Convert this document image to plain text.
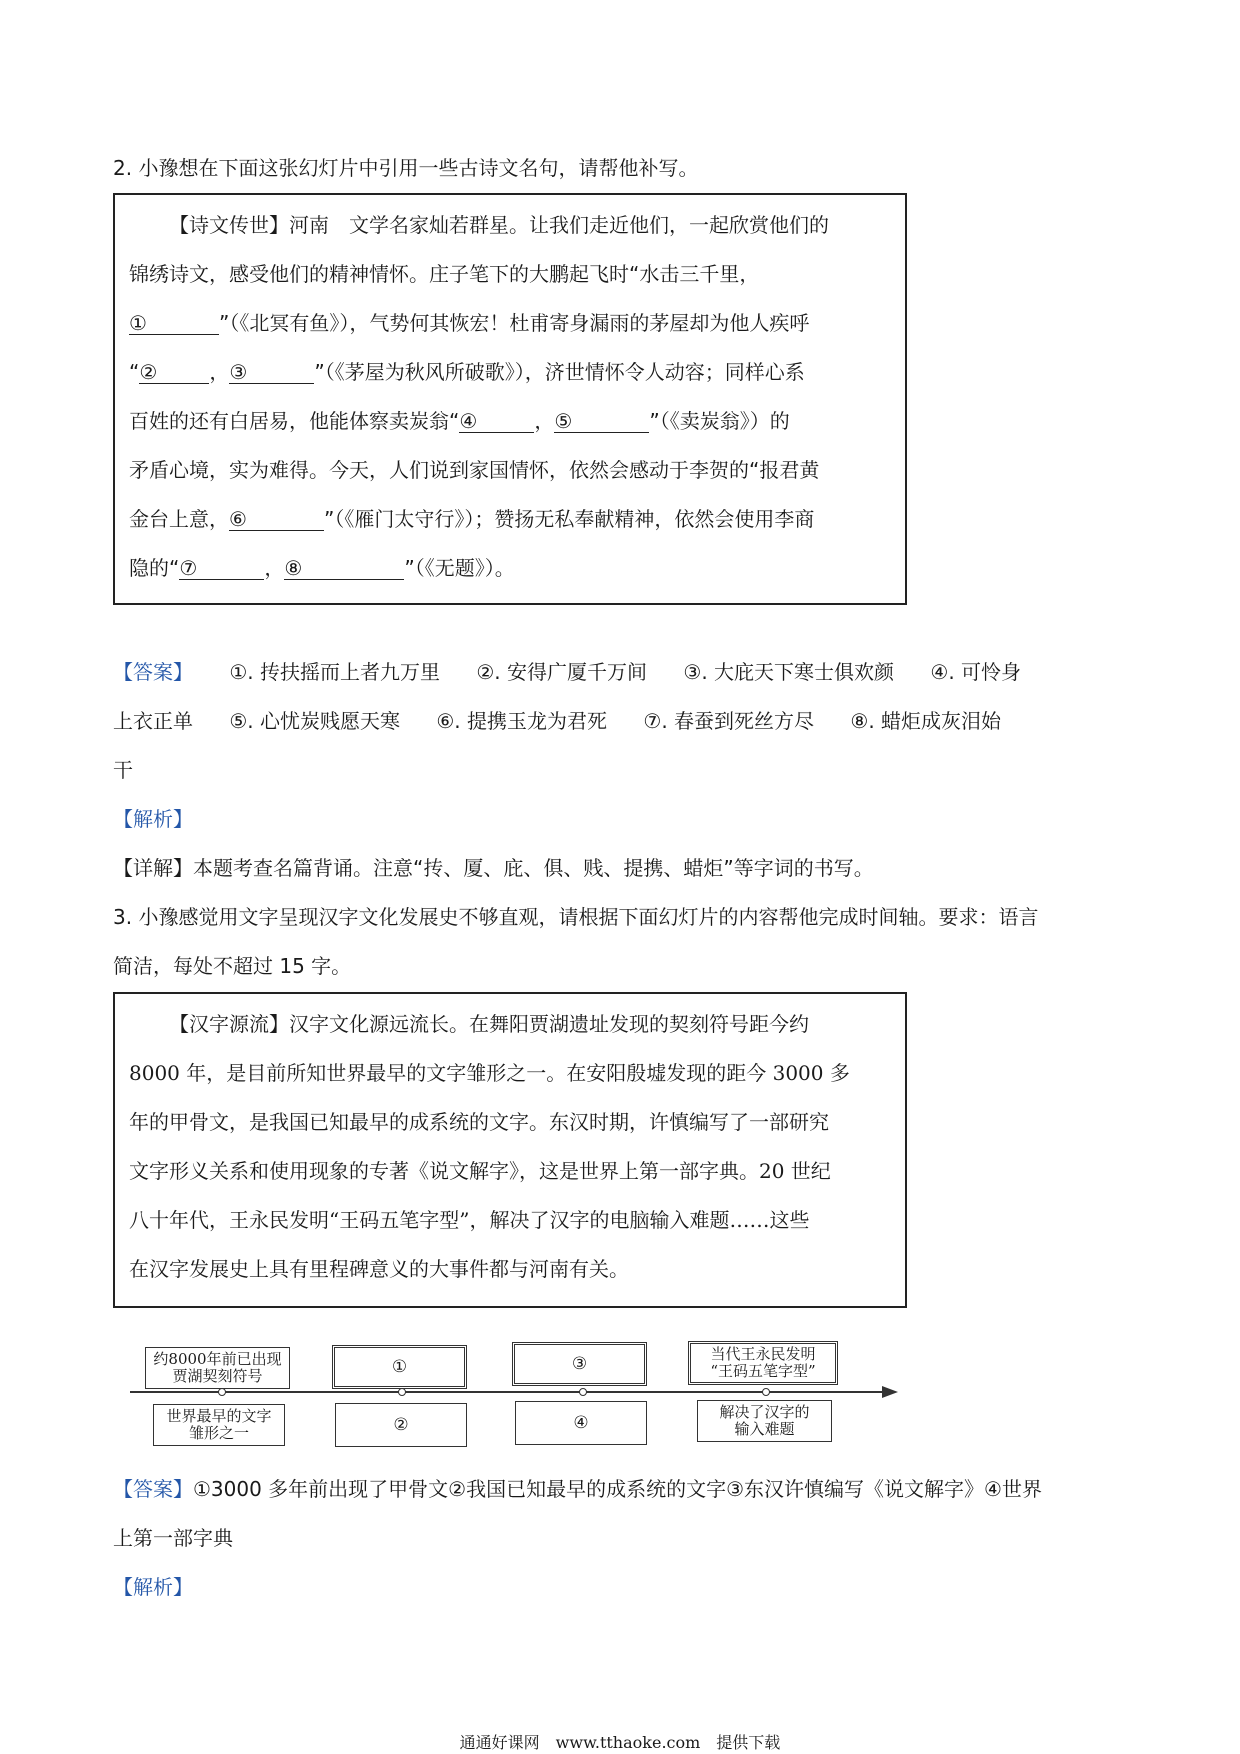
2. 小豫想在下面这张幻灯片中引用一些古诗文名句，请帮他补写。

【诗文传世】河南　文学名家灿若群星。让我们走近他们，一起欣赏他们的
锦绣诗文，感受他们的精神情怀。庄子笔下的大鹏起飞时“水击三千里，
①	”（《北冥有鱼》），气势何其恢宏！杜甫寄身漏雨的茅屋却为他人疾呼
“②	，③	”（《茅屋为秋风所破歌》），济世情怀令人动容；同样心系
百姓的还有白居易，他能体察卖炭翁“④	，⑤	”（《卖炭翁》）的
矛盾心境，实为难得。今天，人们说到家国情怀，依然会感动于李贺的“报君黄
金台上意，⑥	”（《雁门太守行》）；赞扬无私奉献精神，依然会使用李商
隐的“⑦	，⑧	”（《无题》）。
【答案】 ①. 抟扶摇而上者九万里 ②. 安得广厦千万间 ③. 大庇天下寒士俱欢颜 ④. 可怜身
上衣正单 ⑤. 心忧炭贱愿天寒 ⑥. 提携玉龙为君死 ⑦. 春蚕到死丝方尽 ⑧. 蜡炬成灰泪始
干
【解析】
【详解】本题考查名篇背诵。注意“抟、厦、庇、俱、贱、提携、蜡炬”等字词的书写。

3. 小豫感觉用文字呈现汉字文化发展史不够直观，请根据下面幻灯片的内容帮他完成时间轴。要求：语言

简洁，每处不超过 15 字。

【汉字源流】汉字文化源远流长。在舞阳贾湖遗址发现的契刻符号距今约
8000 年，是目前所知世界最早的文字雏形之一。在安阳殷墟发现的距今 3000 多
年的甲骨文，是我国已知最早的成系统的文字。东汉时期，许慎编写了一部研究
文字形义关系和使用现象的专著《说文解字》，这是世界上第一部字典。20 世纪
八十年代，王永民发明“王码五笔字型”，解决了汉字的电脑输入难题……这些
在汉字发展史上具有里程碑意义的大事件都与河南有关。
约8000年前已出现
贾湖契刻符号
世界最早的文字
雏形之一
①
②
③
④
当代王永民发明
“王码五笔字型”
解决了汉字的
输入难题
【答案】①3000 多年前出现了甲骨文②我国已知最早的成系统的文字③东汉许慎编写《说文解字》④世界
上第一部字典
【解析】
通通好课网　www.tthaoke.com　提供下载
